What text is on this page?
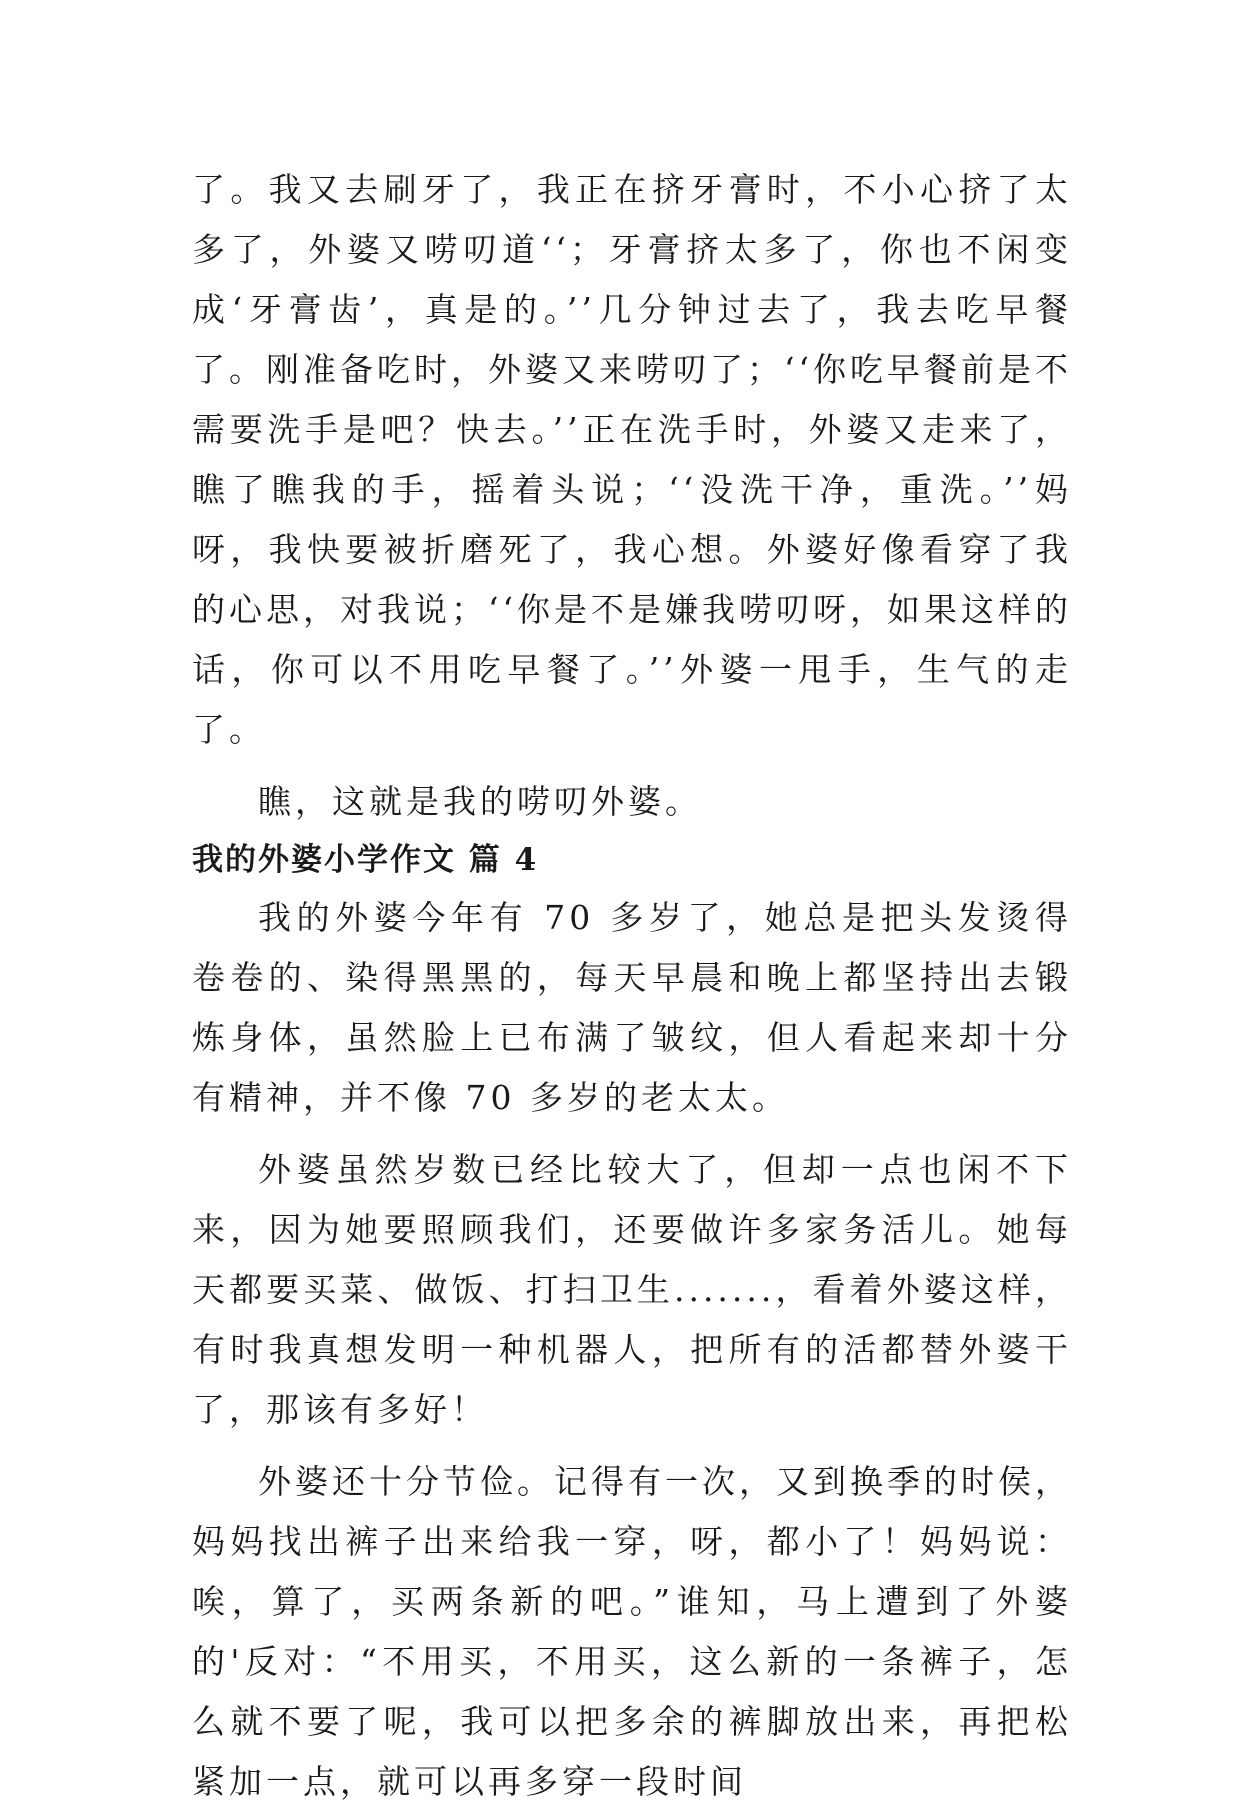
了。我又去刷牙了，我正在挤牙膏时，不小心挤了太多了，外婆又唠叨道‘‘；牙膏挤太多了，你也不闲变成‘牙膏齿’，真是的。’’几分钟过去了，我去吃早餐了。刚准备吃时，外婆又来唠叨了；‘‘你吃早餐前是不需要洗手是吧？快去。’’正在洗手时，外婆又走来了，瞧了瞧我的手，摇着头说；‘‘没洗干净，重洗。’’妈呀，我快要被折磨死了，我心想。外婆好像看穿了我的心思，对我说；‘‘你是不是嫌我唠叨呀，如果这样的话，你可以不用吃早餐了。’’外婆一甩手，生气的走了。

瞧，这就是我的唠叨外婆。

我的外婆小学作文 篇 4

我的外婆今年有 70 多岁了，她总是把头发烫得卷卷的、染得黑黑的，每天早晨和晚上都坚持出去锻炼身体，虽然脸上已布满了皱纹，但人看起来却十分有精神，并不像 70 多岁的老太太。

外婆虽然岁数已经比较大了，但却一点也闲不下来，因为她要照顾我们，还要做许多家务活儿。她每天都要买菜、做饭、打扫卫生.......，看着外婆这样，有时我真想发明一种机器人，把所有的活都替外婆干了，那该有多好！

外婆还十分节俭。记得有一次，又到换季的时侯，妈妈找出裤子出来给我一穿，呀，都小了！妈妈说：唉，算了，买两条新的吧。”谁知，马上遭到了外婆的'反对：“不用买，不用买，这么新的一条裤子，怎么就不要了呢，我可以把多余的裤脚放出来，再把松紧加一点，就可以再多穿一段时间
